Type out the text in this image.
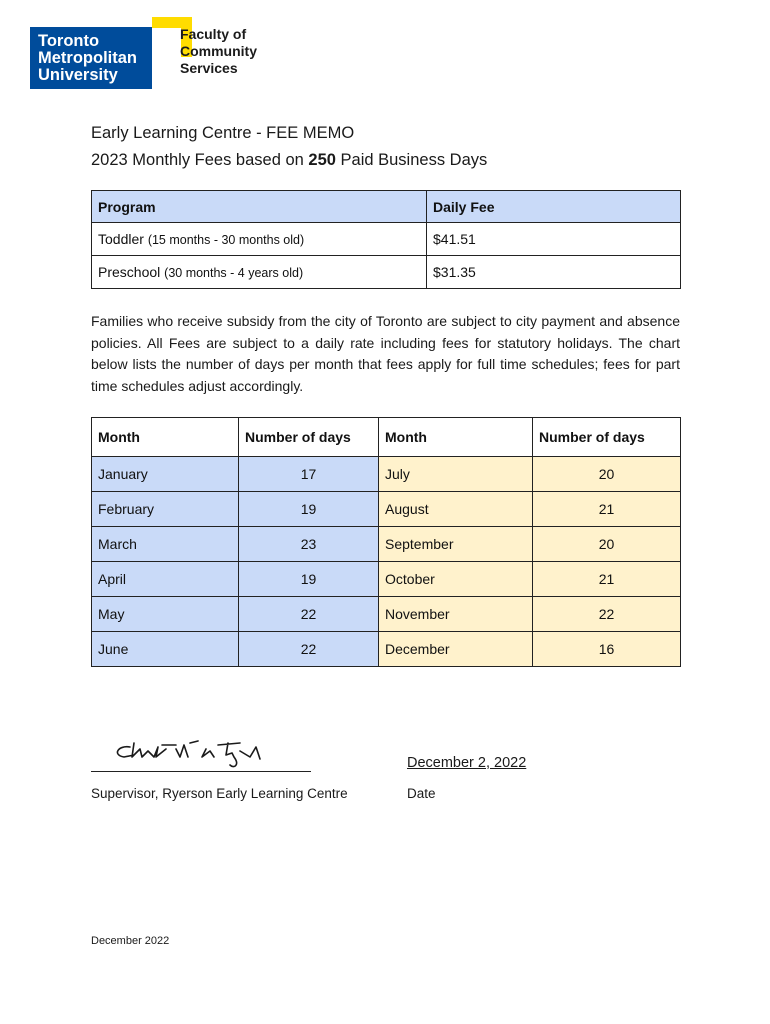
Toronto
Metropolitan
University
Faculty of
Community
Services
Early Learning Centre - FEE MEMO
2023 Monthly Fees based on 250 Paid Business Days
Program	Daily Fee
Toddler (15 months - 30 months old)	$41.51
Preschool (30 months - 4 years old)	$31.35
Families who receive subsidy from the city of Toronto are subject to city payment and absence policies. All Fees are subject to a daily rate including fees for statutory holidays. The chart below lists the number of days per month that fees apply for full time schedules; fees for part time schedules adjust accordingly.
Month	Number of days	Month	Number of days
January	17	July	20
February	19	August	21
March	23	September	20
April	19	October	21
May	22	November	22
June	22	December	16
Supervisor, Ryerson Early Learning Centre
December 2, 2022
Date
December 2022
